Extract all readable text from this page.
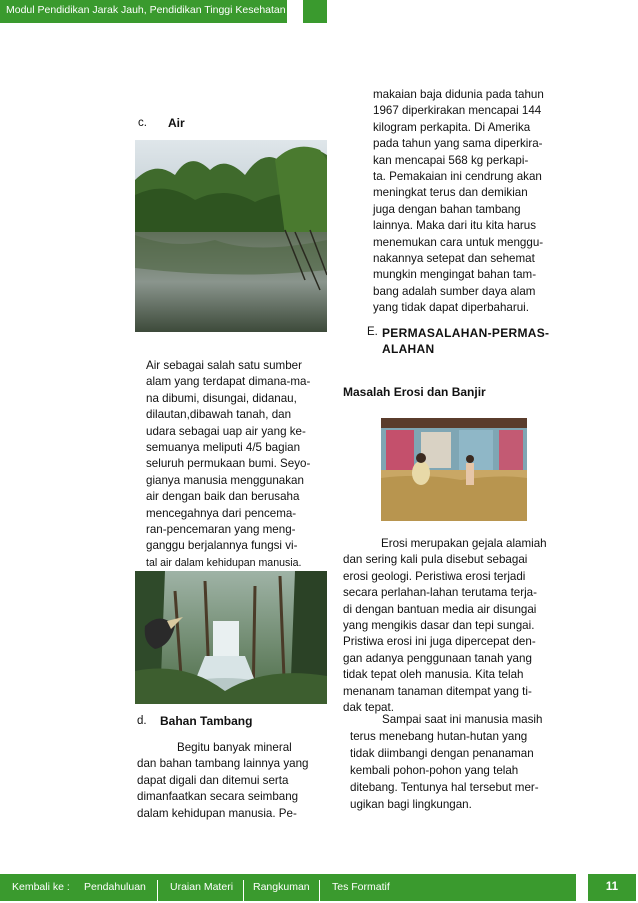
Modul Pendidikan Jarak Jauh, Pendidikan Tinggi Kesehatan
c. Air
Air sebagai salah satu sumber
alam yang terdapat dimana-ma-
na dibumi, disungai, didanau,
dilautan,dibawah tanah, dan
udara sebagai uap air yang ke-
semuanya meliputi 4/5 bagian
seluruh permukaan bumi. Seyo-
gianya manusia menggunakan
air dengan baik dan berusaha
mencegahnya dari pencema-
ran-pencemaran yang meng-
ganggu berjalannya fungsi vi-
tal air dalam kehidupan manusia.
d. Bahan Tambang
Begitu banyak mineral
dan bahan tambang lainnya yang
dapat digali dan ditemui serta
dimanfaatkan secara seimbang
dalam kehidupan manusia. Pe-
makaian baja didunia pada tahun
1967 diperkirakan mencapai 144
kilogram perkapita. Di Amerika
pada tahun yang sama diperkira-
kan mencapai 568 kg perkapi-
ta. Pemakaian ini cendrung akan
meningkat terus dan demikian
juga dengan bahan tambang
lainnya. Maka dari itu kita harus
menemukan cara untuk menggu-
nakannya setepat dan sehemat
mungkin mengingat bahan tam-
bang adalah sumber daya alam
yang tidak dapat diperbaharui.
E. PERMASALAHAN-PERMAS-
ALAHAN
Masalah Erosi dan Banjir
Erosi merupakan gejala alamiah
dan sering kali pula disebut sebagai
erosi geologi. Peristiwa erosi terjadi
secara perlahan-lahan terutama terja-
di dengan bantuan media air disungai
yang mengikis dasar dan tepi sungai.
Pristiwa erosi ini juga dipercepat den-
gan adanya penggunaan tanah yang
tidak tepat oleh manusia. Kita telah
menanam tanaman ditempat yang ti-
dak tepat.
Sampai saat ini manusia masih
terus menebang hutan-hutan yang
tidak diimbangi dengan penanaman
kembali pohon-pohon yang telah
ditebang. Tentunya hal tersebut mer-
ugikan bagi lingkungan.
Kembali ke : Pendahuluan Uraian Materi Rangkuman Tes Formatif	11
